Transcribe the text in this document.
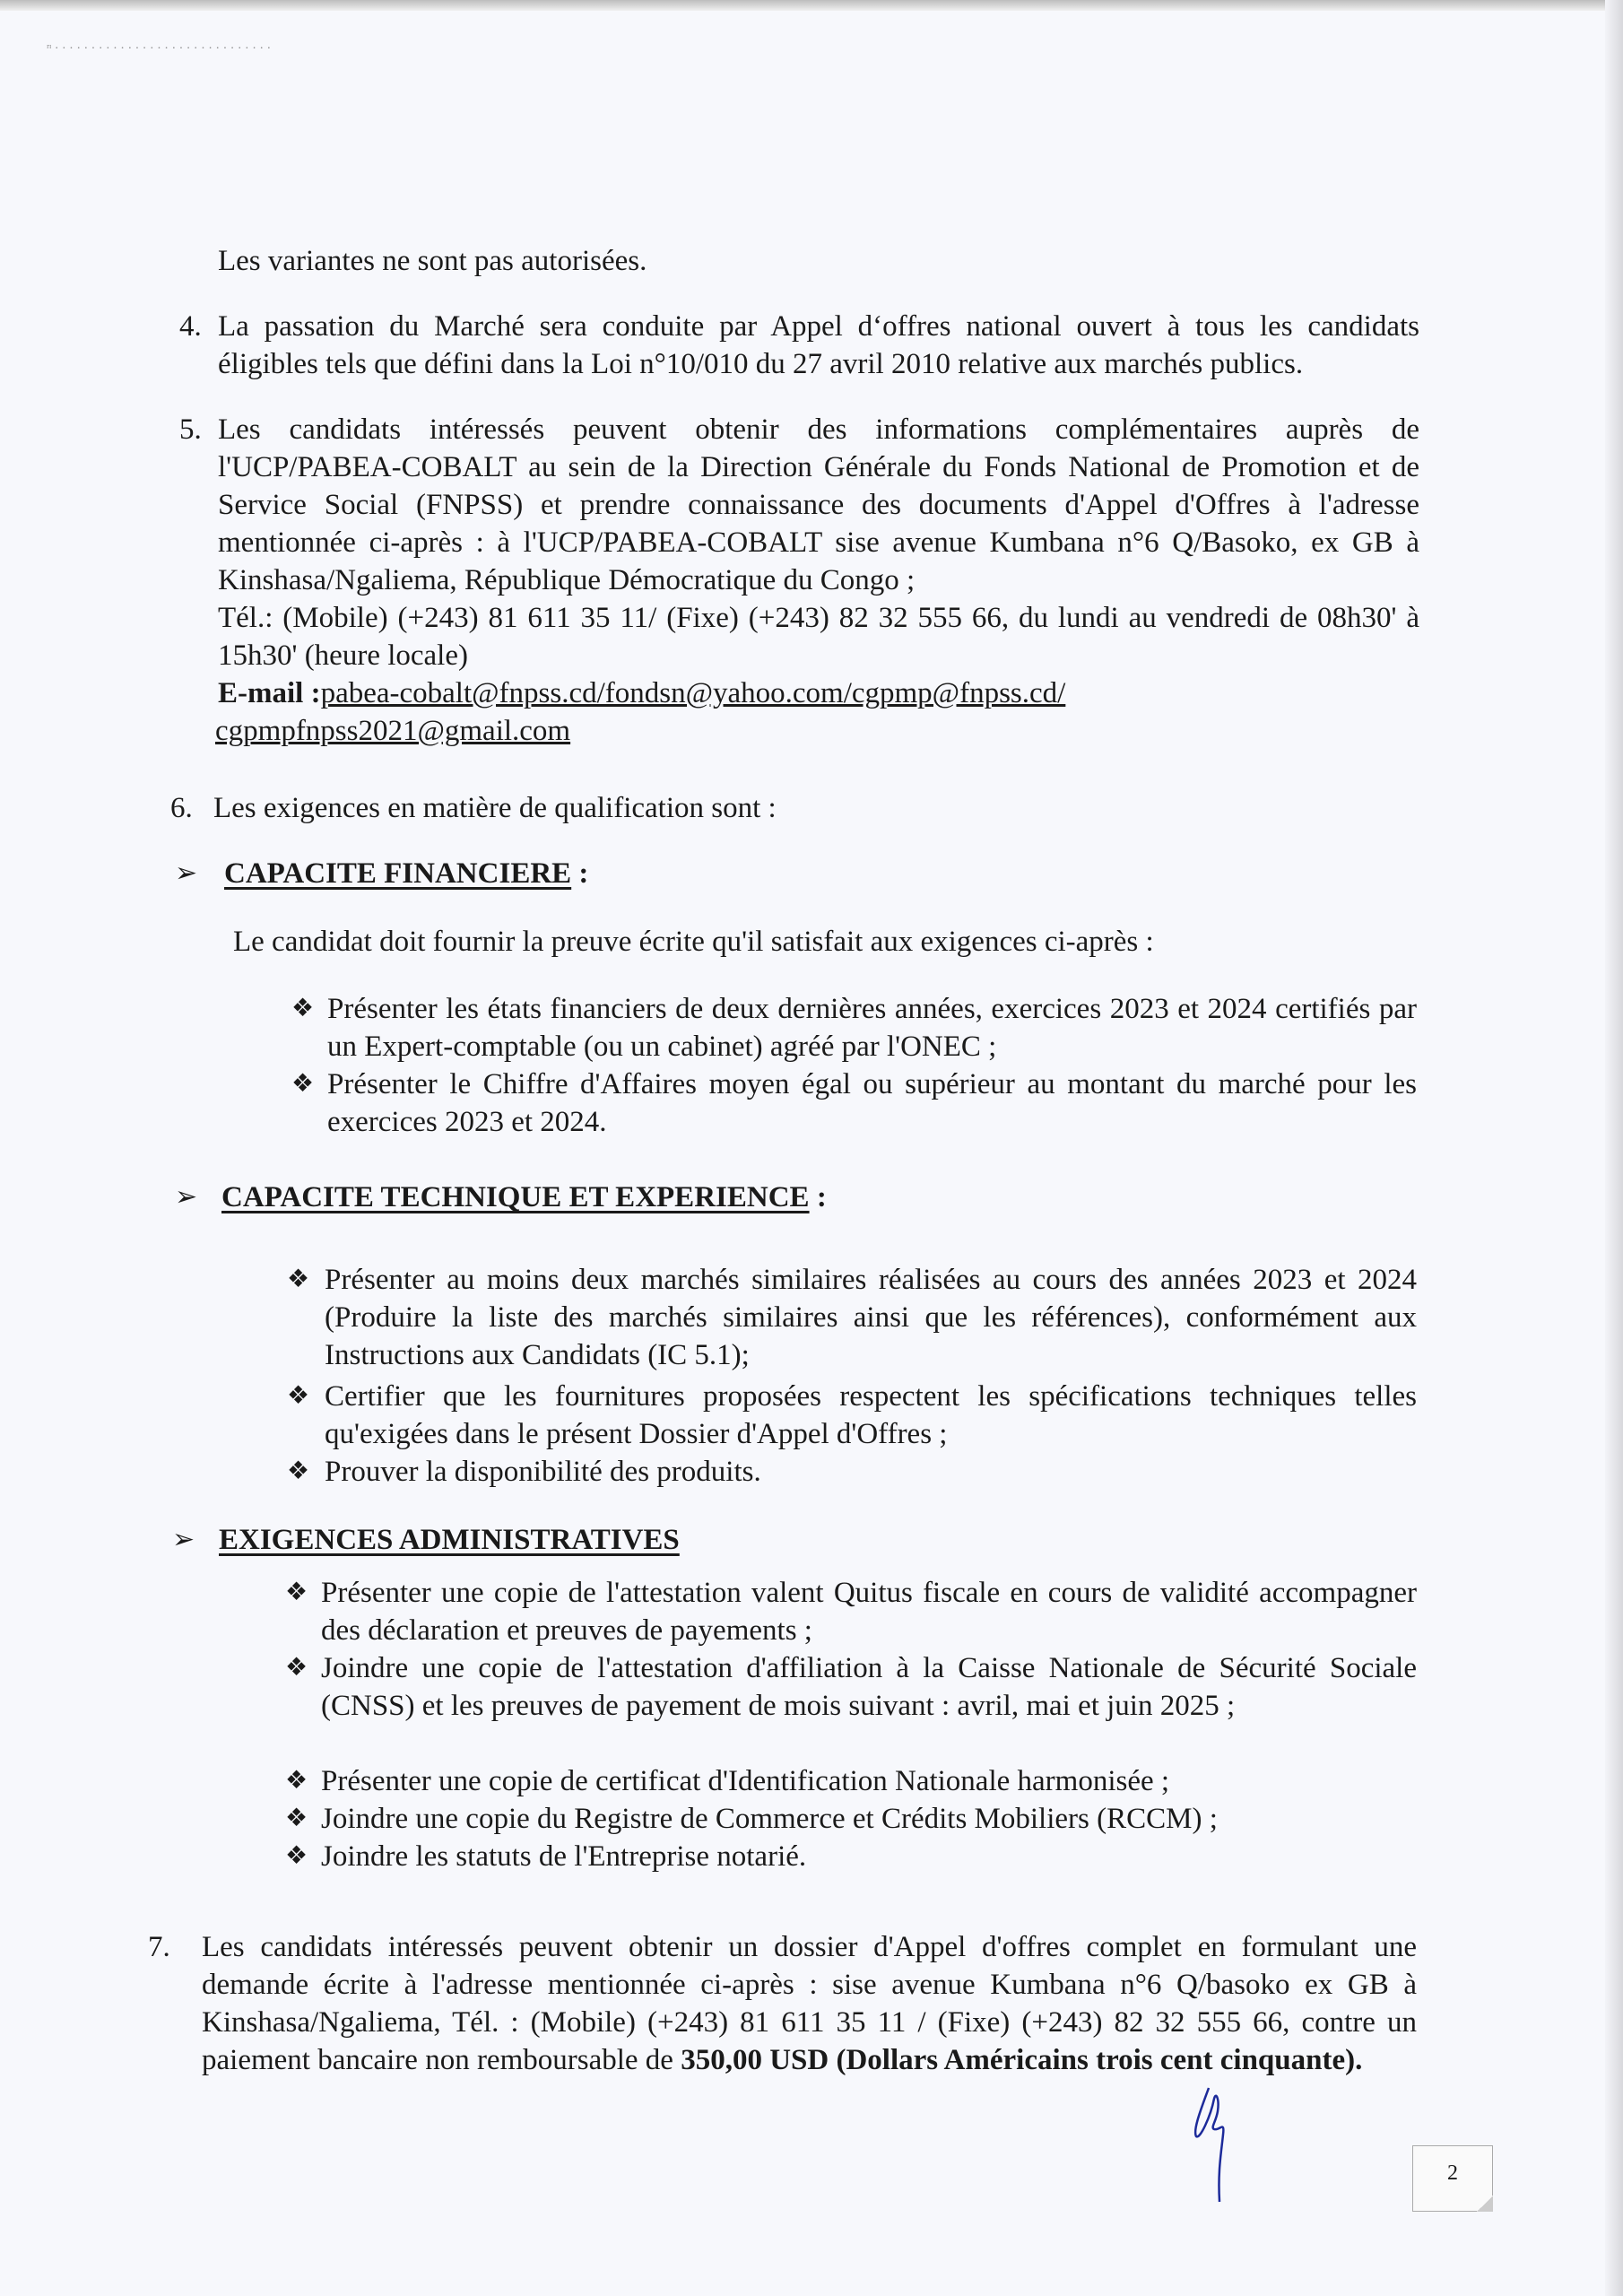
ʳᶦ · · · · · · · · · · · · · · · · · · · · · · · · · · · · · ·
Les variantes ne sont pas autorisées.
4. La passation du Marché sera conduite par Appel d‘offres national ouvert à tous les candidats éligibles tels que défini dans la Loi n°10/010 du 27 avril 2010 relative aux marchés publics.
5. Les candidats intéressés peuvent obtenir des informations complémentaires auprès de l'UCP/PABEA-COBALT au sein de la Direction Générale du Fonds National de Promotion et de Service Social (FNPSS) et prendre connaissance des documents d'Appel d'Offres à l'adresse mentionnée ci-après : à l'UCP/PABEA-COBALT sise avenue Kumbana n°6 Q/Basoko, ex GB à Kinshasa/Ngaliema, République Démocratique du Congo ;
Tél.: (Mobile) (+243) 81 611 35 11/ (Fixe) (+243) 82 32 555 66, du lundi au vendredi de 08h30' à 15h30' (heure locale)
E-mail :pabea-cobalt@fnpss.cd/fondsn@yahoo.com/cgpmp@fnpss.cd/
cgpmpfnpss2021@gmail.com
6. Les exigences en matière de qualification sont :
➢ CAPACITE FINANCIERE :
Le candidat doit fournir la preuve écrite qu'il satisfait aux exigences ci-après :
❖ Présenter les états financiers de deux dernières années, exercices 2023 et 2024 certifiés par un Expert-comptable (ou un cabinet) agréé par l'ONEC ;
❖ Présenter le Chiffre d'Affaires moyen égal ou supérieur au montant du marché pour les exercices 2023 et 2024.
➢ CAPACITE TECHNIQUE ET EXPERIENCE :
❖ Présenter au moins deux marchés similaires réalisées au cours des années 2023 et 2024 (Produire la liste des marchés similaires ainsi que les références), conformément aux Instructions aux Candidats (IC 5.1);
❖ Certifier que les fournitures proposées respectent les spécifications techniques telles qu'exigées dans le présent Dossier d'Appel d'Offres ;
❖ Prouver la disponibilité des produits.
➢ EXIGENCES ADMINISTRATIVES
❖ Présenter une copie de l'attestation valent Quitus fiscale en cours de validité accompagner des déclaration et preuves de payements ;
❖ Joindre une copie de l'attestation d'affiliation à la Caisse Nationale de Sécurité Sociale (CNSS) et les preuves de payement de mois suivant : avril, mai et juin 2025 ;
❖ Présenter une copie de certificat d'Identification Nationale harmonisée ;
❖ Joindre une copie du Registre de Commerce et Crédits Mobiliers (RCCM) ;
❖ Joindre les statuts de l'Entreprise notarié.
7. Les candidats intéressés peuvent obtenir un dossier d'Appel d'offres complet en formulant une demande écrite à l'adresse mentionnée ci-après : sise avenue Kumbana n°6 Q/basoko ex GB à Kinshasa/Ngaliema, Tél. : (Mobile) (+243) 81 611 35 11 / (Fixe) (+243) 82 32 555 66, contre un paiement bancaire non remboursable de 350,00 USD (Dollars Américains trois cent cinquante).
2
